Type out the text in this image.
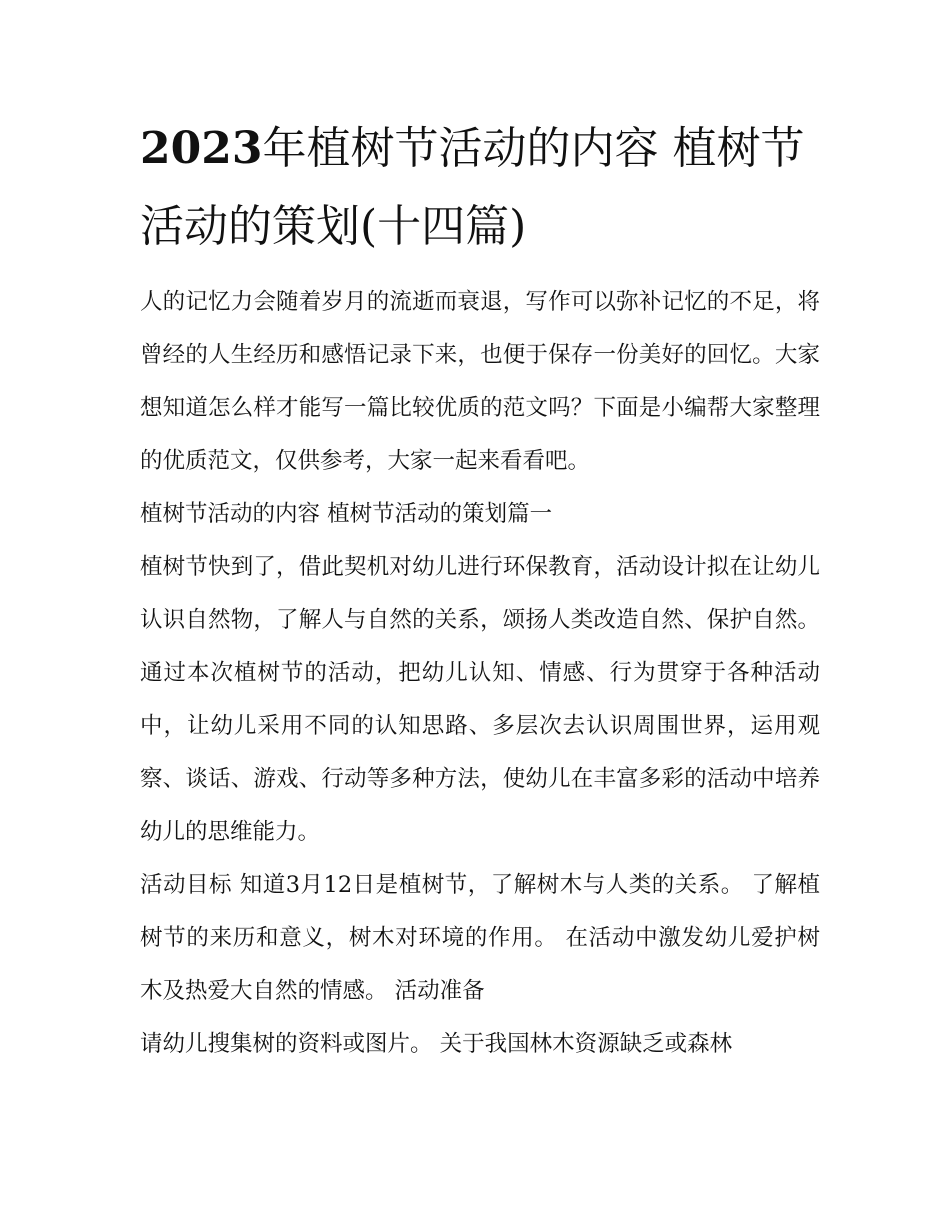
2023年植树节活动的内容 植树节活动的策划(十四篇)

人的记忆力会随着岁月的流逝而衰退，写作可以弥补记忆的不足，将曾经的人生经历和感悟记录下来，也便于保存一份美好的回忆。大家想知道怎么样才能写一篇比较优质的范文吗？下面是小编帮大家整理的优质范文，仅供参考，大家一起来看看吧。

植树节活动的内容 植树节活动的策划篇一

植树节快到了，借此契机对幼儿进行环保教育，活动设计拟在让幼儿认识自然物，了解人与自然的关系，颂扬人类改造自然、保护自然。通过本次植树节的活动，把幼儿认知、情感、行为贯穿于各种活动中，让幼儿采用不同的认知思路、多层次去认识周围世界，运用观察、谈话、游戏、行动等多种方法，使幼儿在丰富多彩的活动中培养幼儿的思维能力。

活动目标 知道3月12日是植树节，了解树木与人类的关系。 了解植树节的来历和意义，树木对环境的作用。 在活动中激发幼儿爱护树木及热爱大自然的情感。 活动准备

请幼儿搜集树的资料或图片。 关于我国林木资源缺乏或森林
